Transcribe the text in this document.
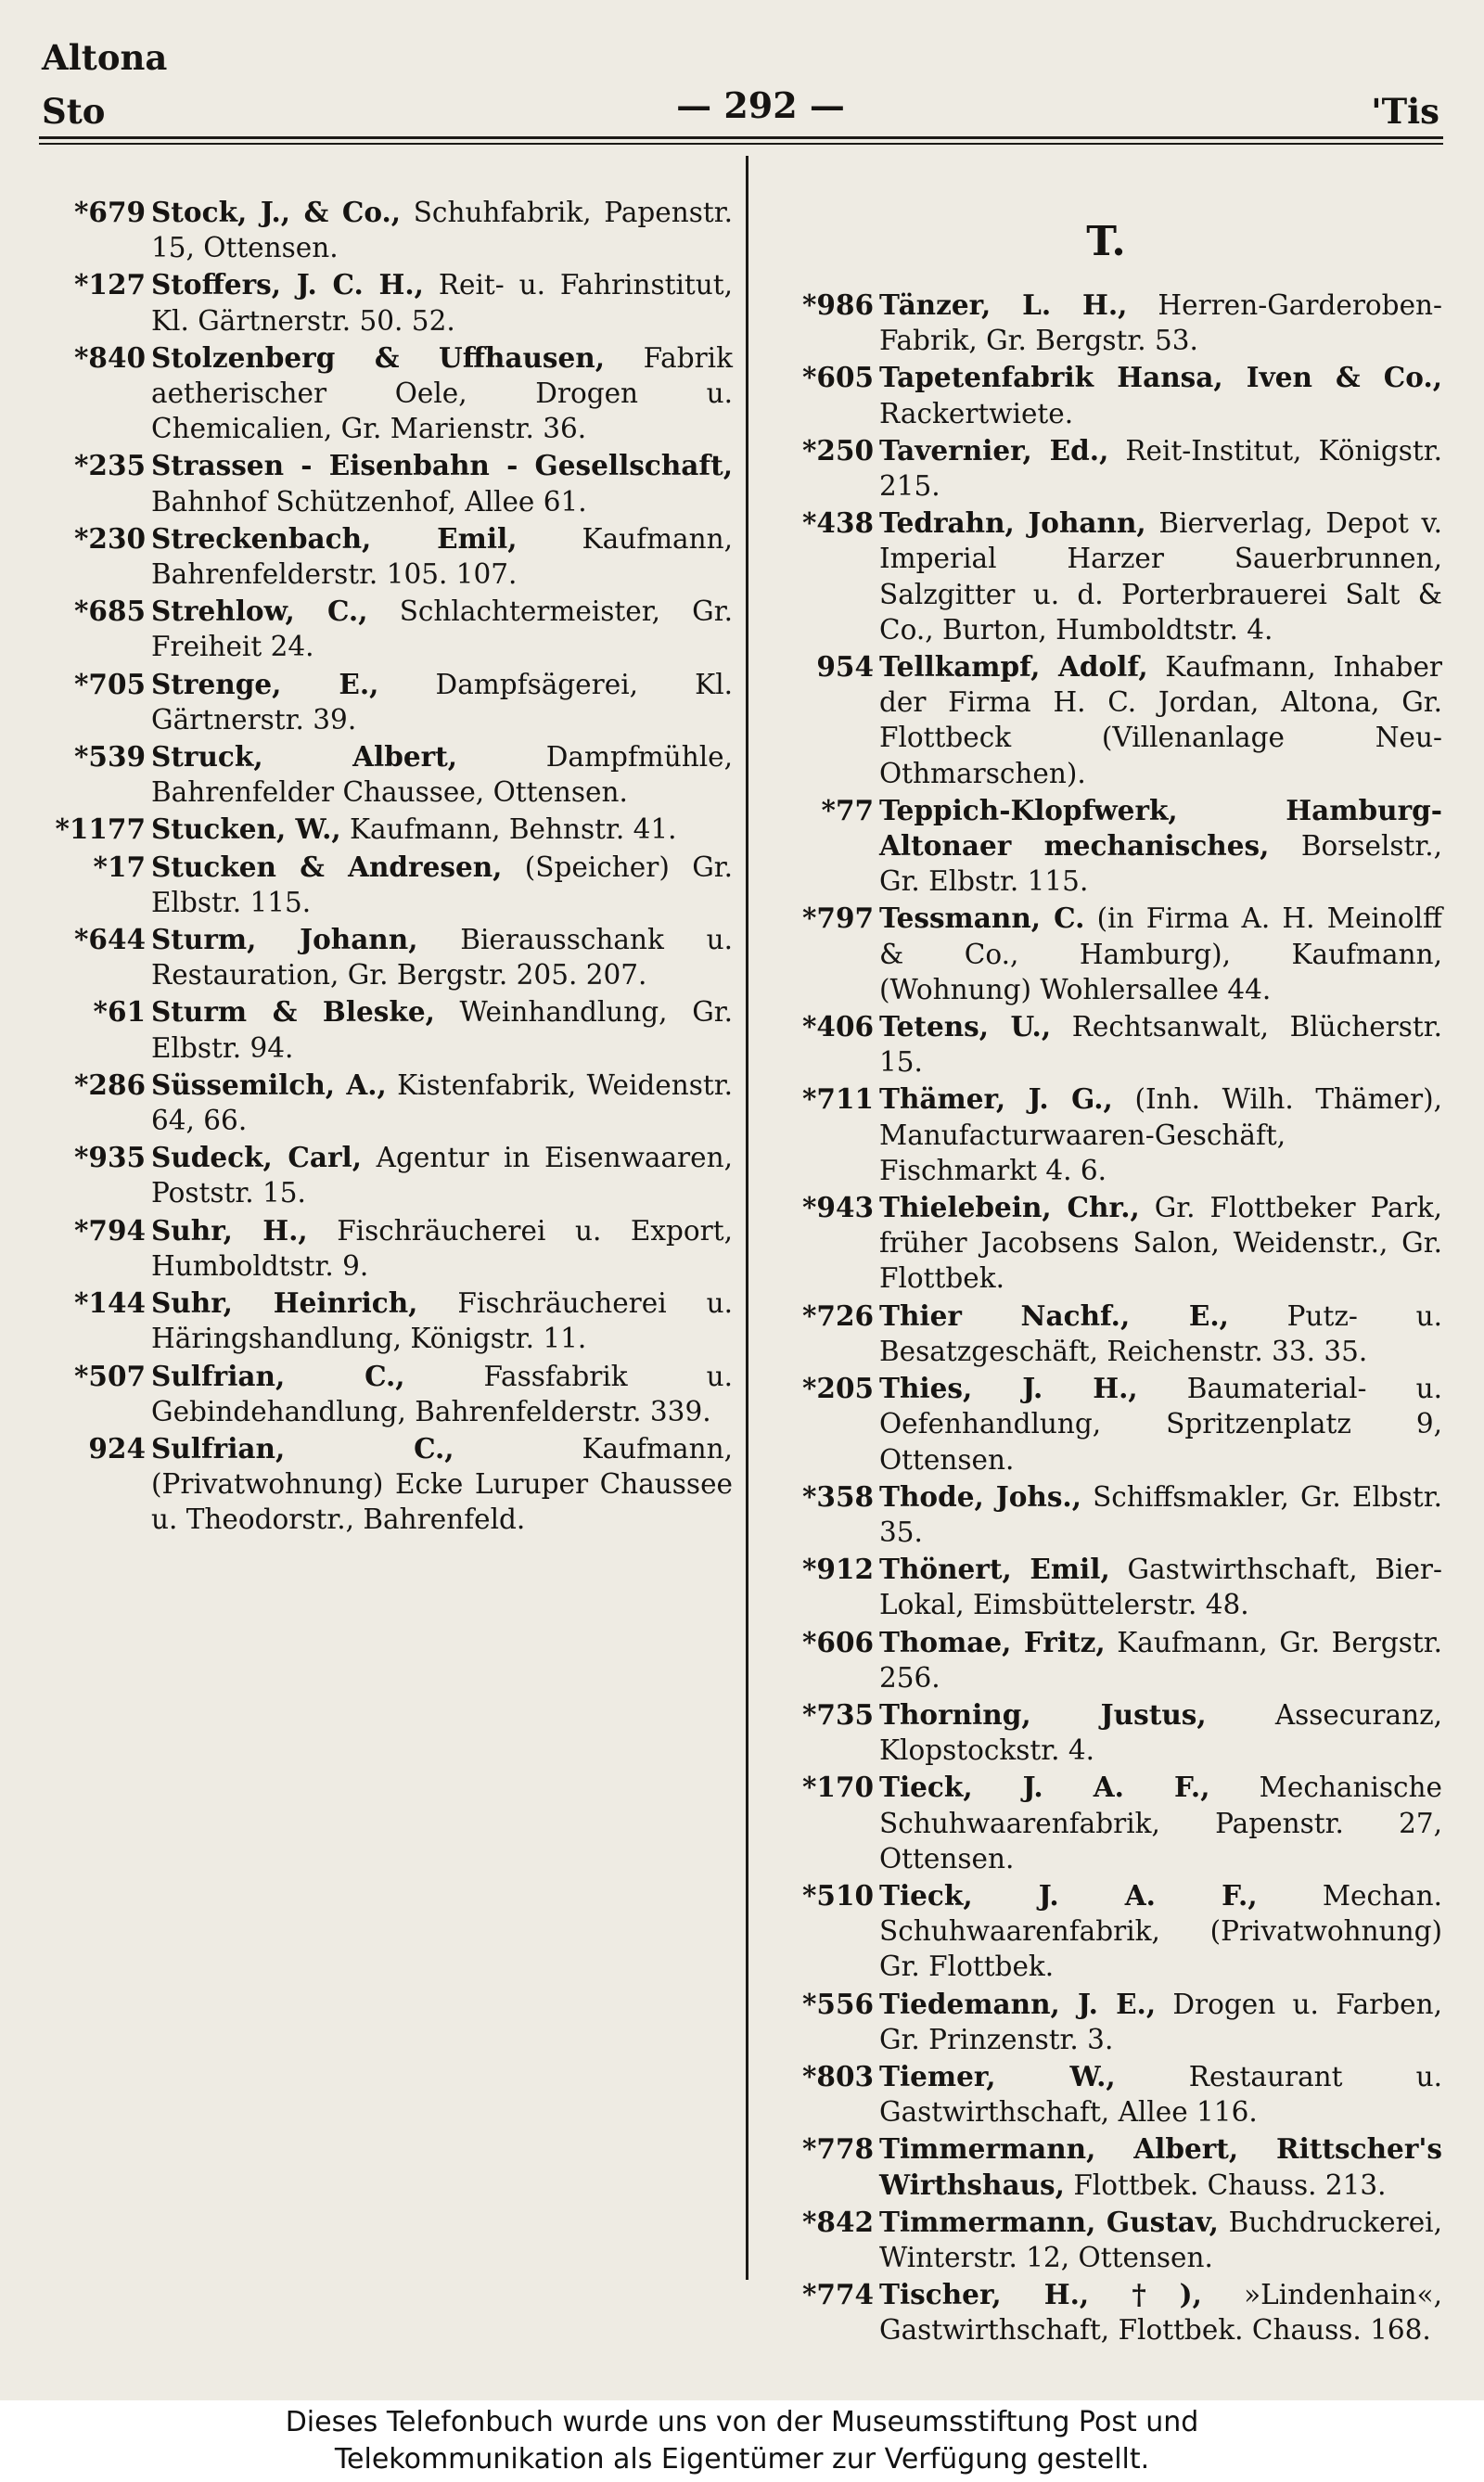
Altona
Sto	— 292 —	'Tis
*679 Stock, J., & Co., Schuhfabrik, Papenstr. 15, Ottensen.
*127 Stoffers, J. C. H., Reit- u. Fahrinstitut, Kl. Gärtnerstr. 50. 52.
*840 Stolzenberg & Uffhausen, Fabrik aetherischer Oele, Drogen u. Chemicalien, Gr. Marienstr. 36.
*235 Strassen - Eisenbahn - Gesellschaft, Bahnhof Schützenhof, Allee 61.
*230 Streckenbach, Emil, Kaufmann, Bahrenfelderstr. 105. 107.
*685 Strehlow, C., Schlachtermeister, Gr. Freiheit 24.
*705 Strenge, E., Dampfsägerei, Kl. Gärtnerstr. 39.
*539 Struck, Albert, Dampfmühle, Bahrenfelder Chaussee, Ottensen.
*1177 Stucken, W., Kaufmann, Behnstr. 41.
*17 Stucken & Andresen, (Speicher) Gr. Elbstr. 115.
*644 Sturm, Johann, Bierausschank u. Restauration, Gr. Bergstr. 205. 207.
*61 Sturm & Bleske, Weinhandlung, Gr. Elbstr. 94.
*286 Süssemilch, A., Kistenfabrik, Weidenstr. 64, 66.
*935 Sudeck, Carl, Agentur in Eisenwaaren, Poststr. 15.
*794 Suhr, H., Fischräucherei u. Export, Humboldtstr. 9.
*144 Suhr, Heinrich, Fischräucherei u. Häringshandlung, Königstr. 11.
*507 Sulfrian, C., Fassfabrik u. Gebindehandlung, Bahrenfelderstr. 339.
924 Sulfrian, C., Kaufmann, (Privatwohnung) Ecke Luruper Chaussee u. Theodorstr., Bahrenfeld.
T.
*986 Tänzer, L. H., Herren-Garderoben-Fabrik, Gr. Bergstr. 53.
*605 Tapetenfabrik Hansa, Iven & Co., Rackertwiete.
*250 Tavernier, Ed., Reit-Institut, Königstr. 215.
*438 Tedrahn, Johann, Bierverlag, Depot v. Imperial Harzer Sauerbrunnen, Salzgitter u. d. Porterbrauerei Salt & Co., Burton, Humboldtstr. 4.
954 Tellkampf, Adolf, Kaufmann, Inhaber der Firma H. C. Jordan, Altona, Gr. Flottbeck (Villenanlage Neu-Othmarschen).
*77 Teppich-Klopfwerk, Hamburg-Altonaer mechanisches, Borselstr., Gr. Elbstr. 115.
*797 Tessmann, C. (in Firma A. H. Meinolff & Co., Hamburg), Kaufmann, (Wohnung) Wohlersallee 44.
*406 Tetens, U., Rechtsanwalt, Blücherstr. 15.
*711 Thämer, J. G., (Inh. Wilh. Thämer), Manufacturwaaren-Geschäft, Fischmarkt 4. 6.
*943 Thielebein, Chr., Gr. Flottbeker Park, früher Jacobsens Salon, Weidenstr., Gr. Flottbek.
*726 Thier Nachf., E., Putz- u. Besatzgeschäft, Reichenstr. 33. 35.
*205 Thies, J. H., Baumaterial- u. Oefenhandlung, Spritzenplatz 9, Ottensen.
*358 Thode, Johs., Schiffsmakler, Gr. Elbstr. 35.
*912 Thönert, Emil, Gastwirthschaft, Bier-Lokal, Eimsbüttelerstr. 48.
*606 Thomae, Fritz, Kaufmann, Gr. Bergstr. 256.
*735 Thorning, Justus, Assecuranz, Klopstockstr. 4.
*170 Tieck, J. A. F., Mechanische Schuhwaarenfabrik, Papenstr. 27, Ottensen.
*510 Tieck, J. A. F., Mechan. Schuhwaarenfabrik, (Privatwohnung) Gr. Flottbek.
*556 Tiedemann, J. E., Drogen u. Farben, Gr. Prinzenstr. 3.
*803 Tiemer, W., Restaurant u. Gastwirthschaft, Allee 116.
*778 Timmermann, Albert, Rittscher's Wirthshaus, Flottbek. Chauss. 213.
*842 Timmermann, Gustav, Buchdruckerei, Winterstr. 12, Ottensen.
*774 Tischer, H., †), »Lindenhain«, Gastwirthschaft, Flottbek. Chauss. 168.
Dieses Telefonbuch wurde uns von der Museumsstiftung Post und
Telekommunikation als Eigentümer zur Verfügung gestellt.
